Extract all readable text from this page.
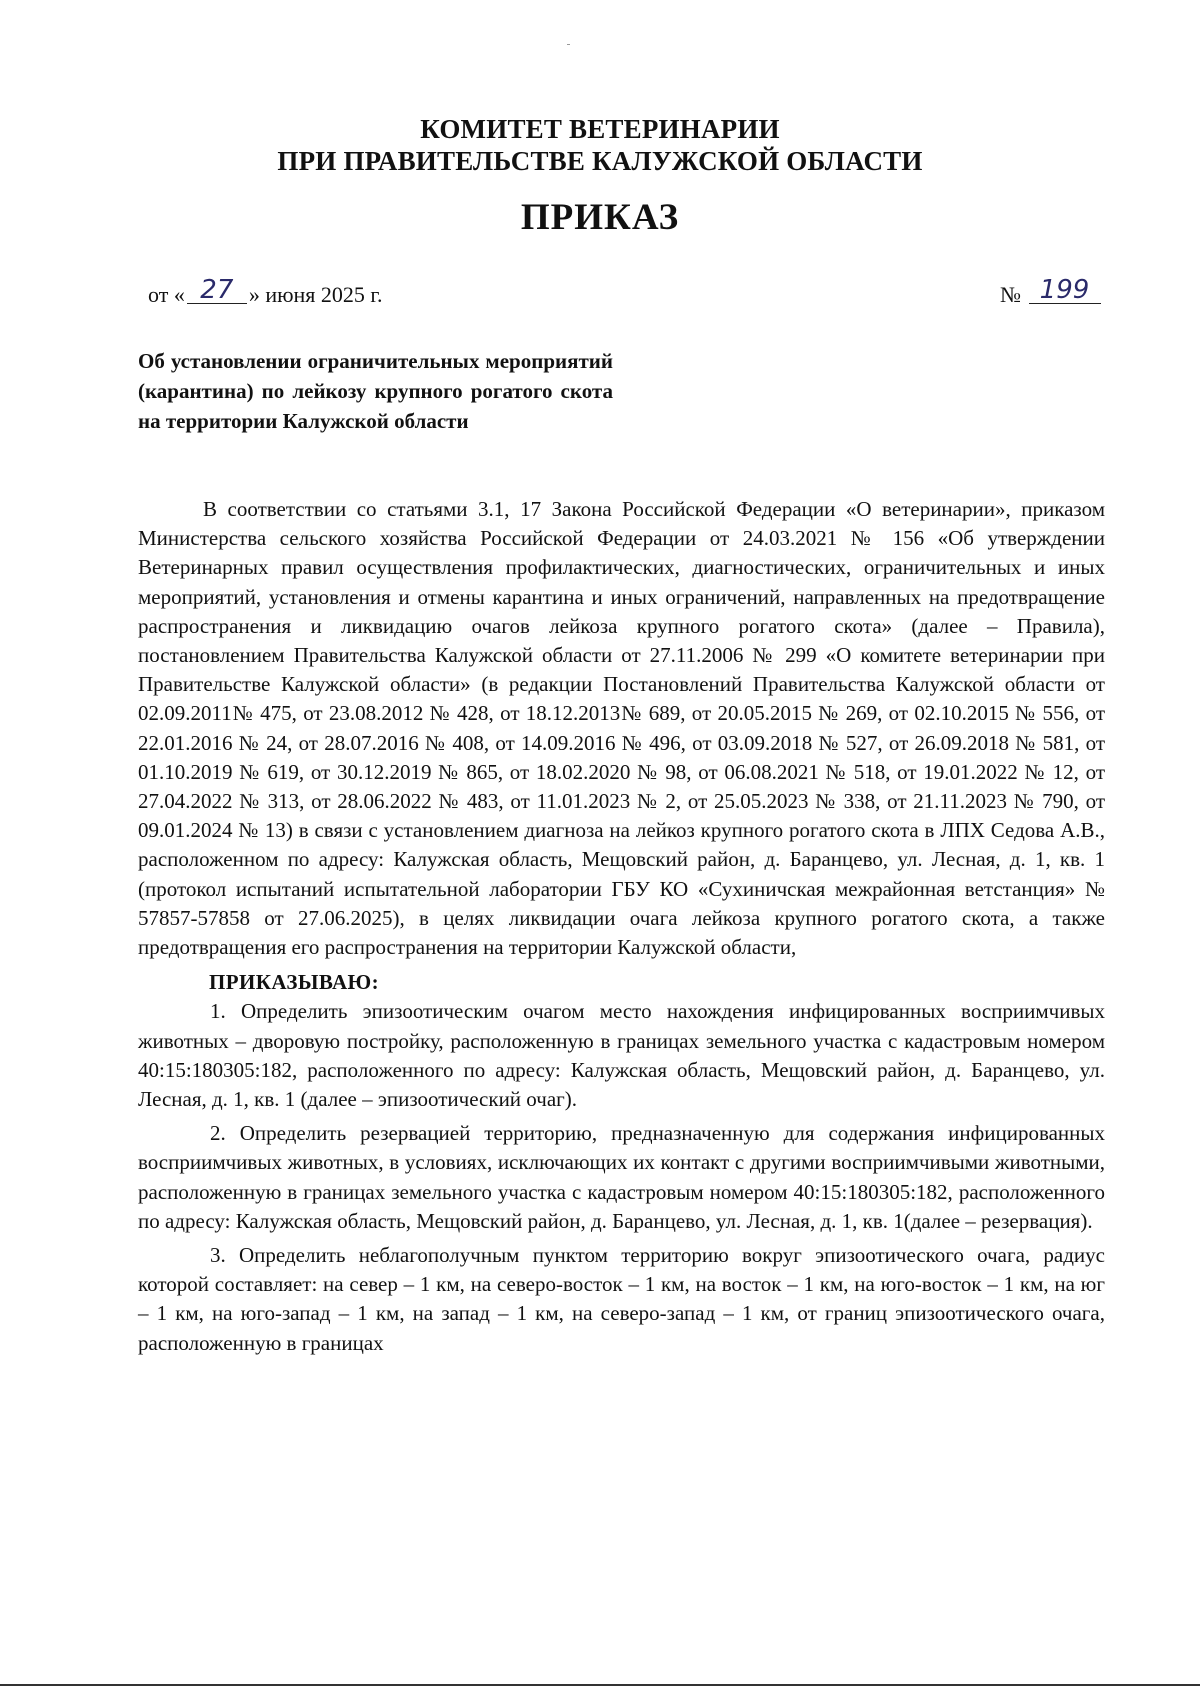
КОМИТЕТ ВЕТЕРИНАРИИ
ПРИ ПРАВИТЕЛЬСТВЕ КАЛУЖСКОЙ ОБЛАСТИ
ПРИКАЗ
от « 27 » июня 2025 г.	№ 199
Об установлении ограничительных мероприятий (карантина) по лейкозу крупного рогатого скота на территории Калужской области

В соответствии со статьями 3.1, 17 Закона Российской Федерации «О ветеринарии», приказом Министерства сельского хозяйства Российской Федерации от 24.03.2021 № 156 «Об утверждении Ветеринарных правил осуществления профилактических, диагностических, ограничительных и иных мероприятий, установления и отмены карантина и иных ограничений, направленных на предотвращение распространения и ликвидацию очагов лейкоза крупного рогатого скота» (далее – Правила), постановлением Правительства Калужской области от 27.11.2006 № 299 «О комитете ветеринарии при Правительстве Калужской области» (в редакции Постановлений Правительства Калужской области от 02.09.2011№ 475, от 23.08.2012 № 428, от 18.12.2013№ 689, от 20.05.2015 № 269, от 02.10.2015 № 556, от 22.01.2016 № 24, от 28.07.2016 № 408, от 14.09.2016 № 496, от 03.09.2018 № 527, от 26.09.2018 № 581, от 01.10.2019 № 619, от 30.12.2019 № 865, от 18.02.2020 № 98, от 06.08.2021 № 518, от 19.01.2022 № 12, от 27.04.2022 № 313, от 28.06.2022 № 483, от 11.01.2023 № 2, от 25.05.2023 № 338, от 21.11.2023 № 790, от 09.01.2024 № 13) в связи с установлением диагноза на лейкоз крупного рогатого скота в ЛПХ Седова А.В., расположенном по адресу: Калужская область, Мещовский район, д. Баранцево, ул. Лесная, д. 1, кв. 1 (протокол испытаний испытательной лаборатории ГБУ КО «Сухиничская межрайонная ветстанция» № 57857-57858 от 27.06.2025), в целях ликвидации очага лейкоза крупного рогатого скота, а также предотвращения его распространения на территории Калужской области,

ПРИКАЗЫВАЮ:

1. Определить эпизоотическим очагом место нахождения инфицированных восприимчивых животных – дворовую постройку, расположенную в границах земельного участка с кадастровым номером 40:15:180305:182, расположенного по адресу: Калужская область, Мещовский район, д. Баранцево, ул. Лесная, д. 1, кв. 1 (далее – эпизоотический очаг).

2. Определить резервацией территорию, предназначенную для содержания инфицированных восприимчивых животных, в условиях, исключающих их контакт с другими восприимчивыми животными, расположенную в границах земельного участка с кадастровым номером 40:15:180305:182, расположенного по адресу: Калужская область, Мещовский район, д. Баранцево, ул. Лесная, д. 1, кв. 1(далее – резервация).

3. Определить неблагополучным пунктом территорию вокруг эпизоотического очага, радиус которой составляет: на север – 1 км, на северо-восток – 1 км, на восток – 1 км, на юго-восток – 1 км, на юг – 1 км, на юго-запад – 1 км, на запад – 1 км, на северо-запад – 1 км, от границ эпизоотического очага, расположенную в границах
